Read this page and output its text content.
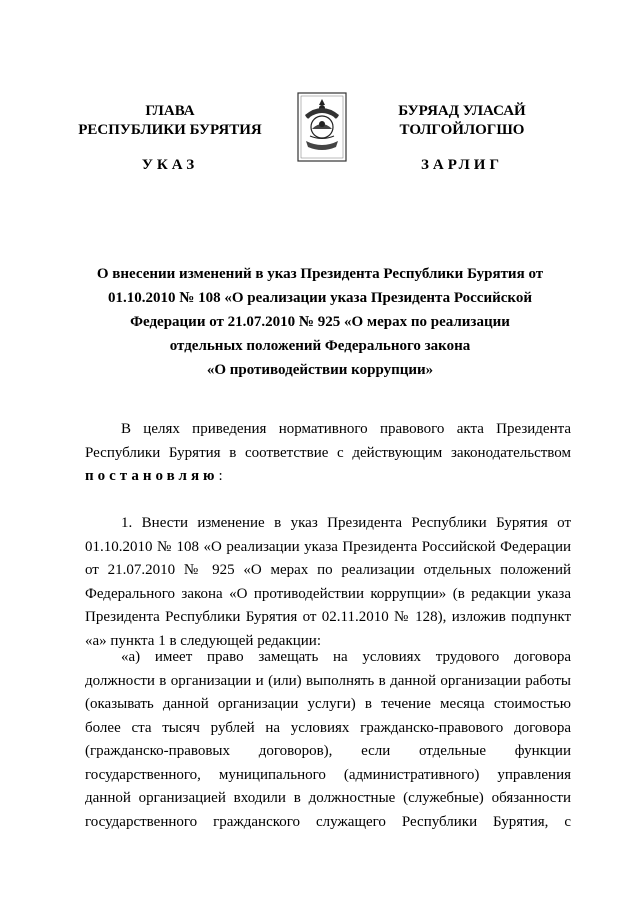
ГЛАВА
РЕСПУБЛИКИ БУРЯТИЯ
УКАЗ
БУРЯАД УЛАСАЙ
ТОЛГОЙЛОГШО
ЗАРЛИГ
О внесении изменений в указ Президента Республики Бурятия от
01.10.2010 № 108 «О реализации указа Президента Российской
Федерации от 21.07.2010 № 925 «О мерах по реализации
отдельных положений Федерального закона
«О противодействии коррупции»
В целях приведения нормативного правового акта Президента
Республики Бурятия в соответствие с действующим законодательством
постановляю:
1. Внести изменение в указ Президента Республики Бурятия от
01.10.2010 № 108 «О реализации указа Президента Российской Федерации
от 21.07.2010 № 925 «О мерах по реализации отдельных положений
Федерального закона «О противодействии коррупции» (в редакции указа
Президента Республики Бурятия от 02.11.2010 № 128), изложив подпункт
«а» пункта 1 в следующей редакции:
«а) имеет право замещать на условиях трудового договора
должности в организации и (или) выполнять в данной организации работы
(оказывать данной организации услуги) в течение месяца стоимостью
более ста тысяч рублей на условиях гражданско-правового договора
(гражданско-правовых договоров), если отдельные функции
государственного, муниципального (административного) управления
данной организацией входили в должностные (служебные) обязанности
государственного гражданского служащего Республики Бурятия, с
